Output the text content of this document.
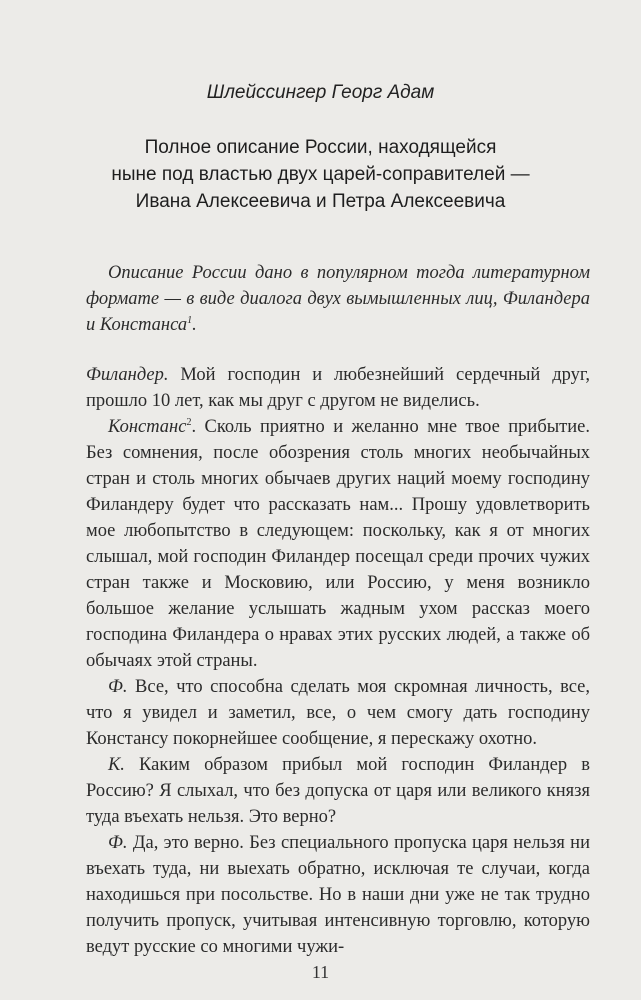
Шлейссингер Георг Адам
Полное описание России, находящейся
ныне под властью двух царей-соправителей —
Ивана Алексеевича и Петра Алексеевича

Описание России дано в популярном тогда литературном формате — в виде диалога двух вымышленных лиц, Филандера и Констанса$^1$.

Филандер. Мой господин и любезнейший сердечный друг, прошло 10 лет, как мы друг с другом не виделись.

Констанс$^2$. Сколь приятно и желанно мне твое прибытие. Без сомнения, после обозрения столь многих необычайных стран и столь многих обычаев других наций моему господину Филандеру будет что рассказать нам... Прошу удовлетворить мое любопытство в следующем: поскольку, как я от многих слышал, мой господин Филандер посещал среди прочих чужих стран также и Московию, или Россию, у меня возникло большое желание услышать жадным ухом рассказ моего господина Филандера о нравах этих русских людей, а также об обычаях этой страны.

Ф. Все, что способна сделать моя скромная личность, все, что я увидел и заметил, все, о чем смогу дать господину Констансу покорнейшее сообщение, я перескажу охотно.

К. Каким образом прибыл мой господин Филандер в Россию? Я слыхал, что без допуска от царя или великого князя туда въехать нельзя. Это верно?

Ф. Да, это верно. Без специального пропуска царя нельзя ни въехать туда, ни выехать обратно, исключая те случаи, когда находишься при посольстве. Но в наши дни уже не так трудно получить пропуск, учитывая интенсивную торговлю, которую ведут русские со многими чужи-

11
